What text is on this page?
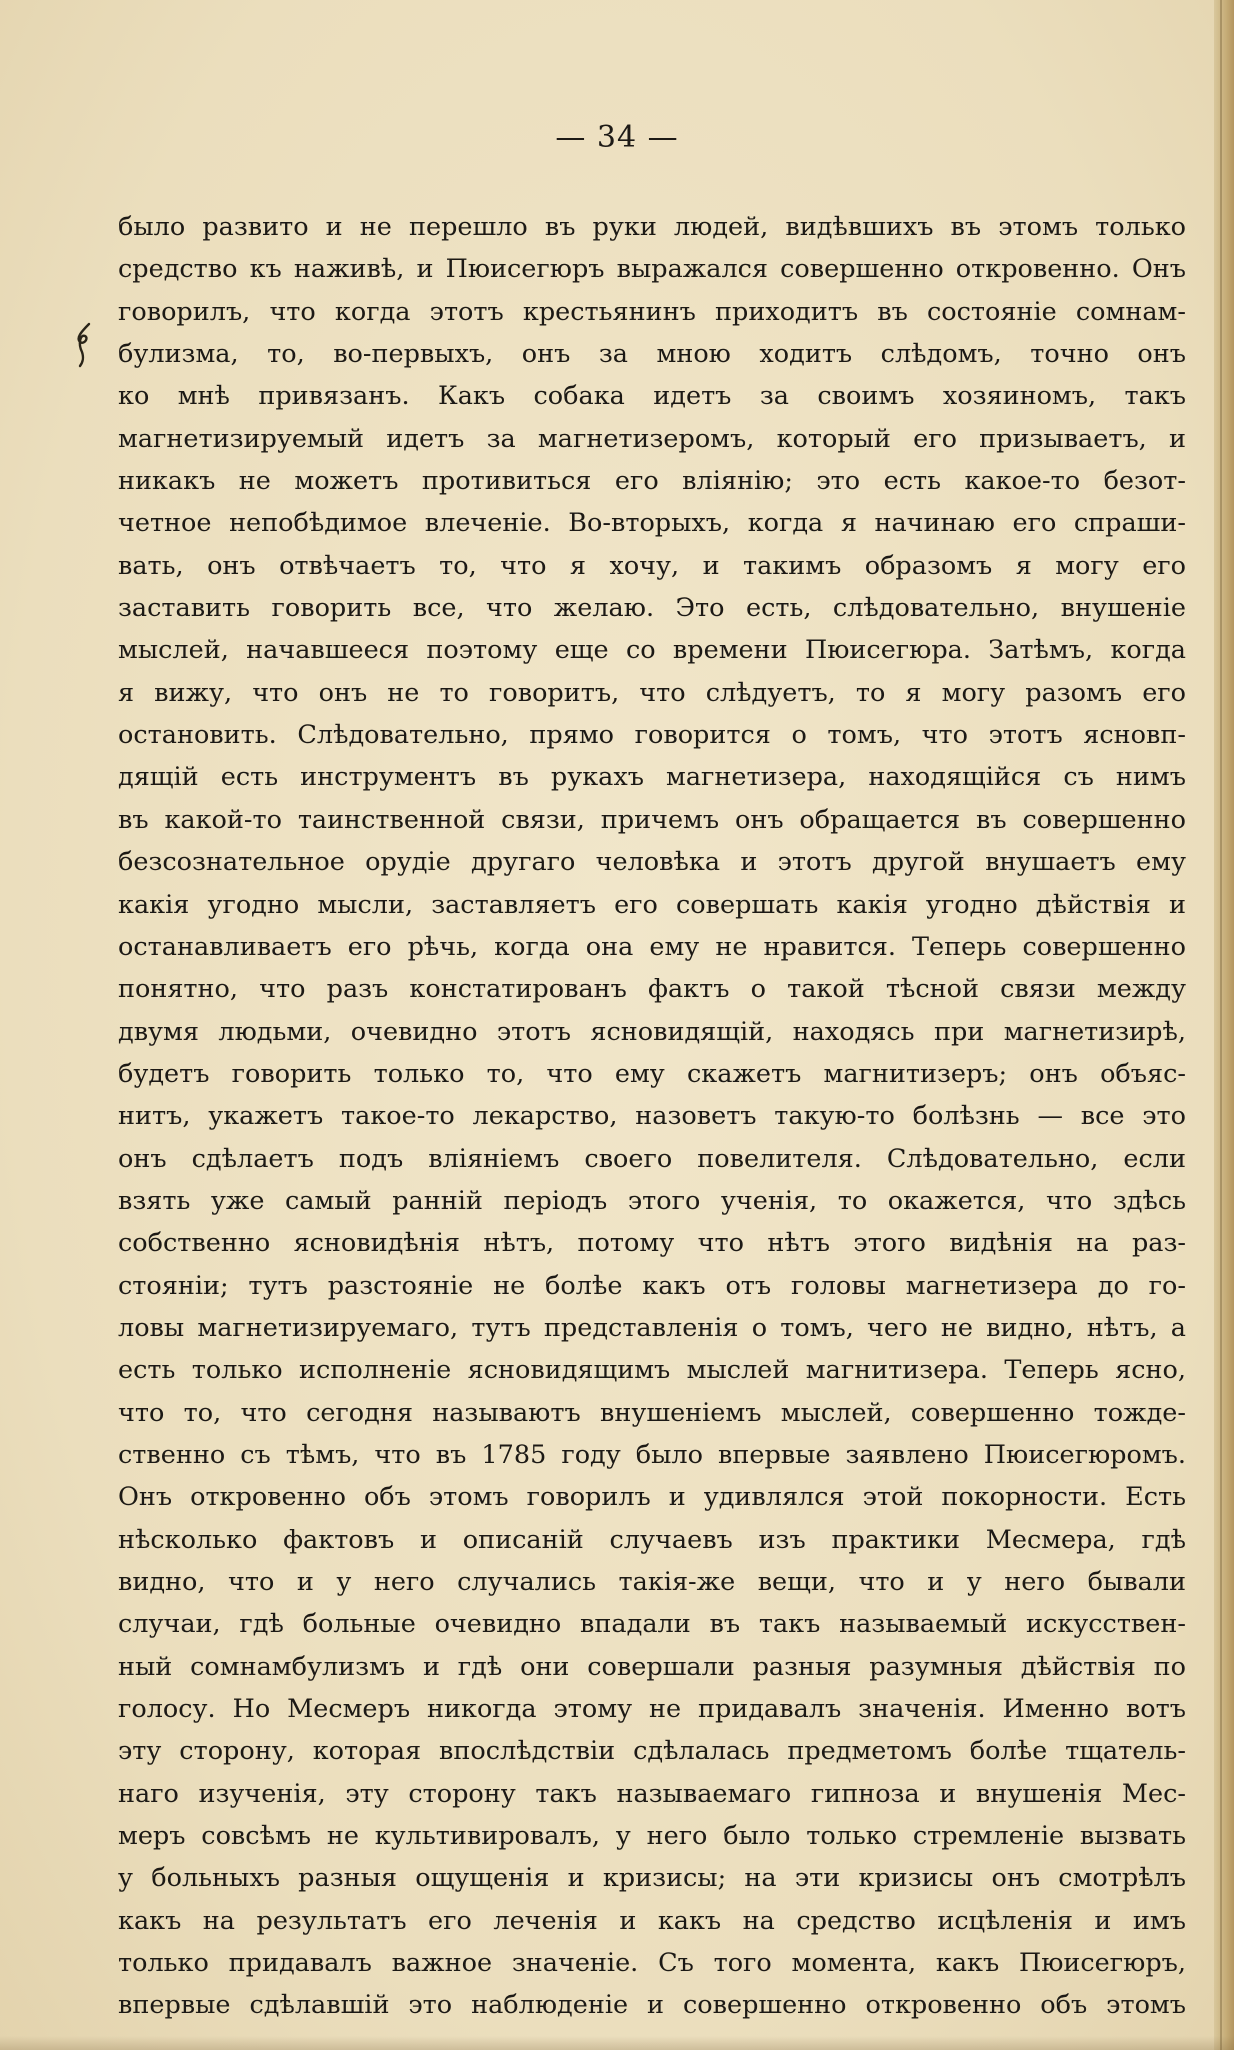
— 34 —
было развито и не перешло въ руки людей, видѣвшихъ въ этомъ только
средство къ наживѣ, и Пюисегюръ выражался совершенно откровенно. Онъ
говорилъ, что когда этотъ крестьянинъ приходитъ въ состоянiе сомнам-
булизма, то, во-первыхъ, онъ за мною ходитъ слѣдомъ, точно онъ
ко мнѣ привязанъ. Какъ собака идетъ за своимъ хозяиномъ, такъ
магнетизируемый идетъ за магнетизеромъ, который его призываетъ, и
никакъ не можетъ противиться его влiянiю; это есть какое-то безот-
четное непобѣдимое влеченiе. Во-вторыхъ, когда я начинаю его спраши-
вать, онъ отвѣчаетъ то, что я хочу, и такимъ образомъ я могу его
заставить говорить все, что желаю. Это есть, слѣдовательно, внушенiе
мыслей, начавшееся поэтому еще со времени Пюисегюра. Затѣмъ, когда
я вижу, что онъ не то говоритъ, что слѣдуетъ, то я могу разомъ его
остановить. Слѣдовательно, прямо говорится о томъ, что этотъ ясновп-
дящiй есть инструментъ въ рукахъ магнетизера, находящiйся съ нимъ
въ какой-то таинственной связи, причемъ онъ обращается въ совершенно
безсознательное орудiе другаго человѣка и этотъ другой внушаетъ ему
какiя угодно мысли, заставляетъ его совершать какiя угодно дѣйствiя и
останавливаетъ его рѣчь, когда она ему не нравится. Теперь совершенно
понятно, что разъ констатированъ фактъ о такой тѣсной связи между
двумя людьми, очевидно этотъ ясновидящiй, находясь при магнетизирѣ,
будетъ говорить только то, что ему скажетъ магнитизеръ; онъ объяс-
нитъ, укажетъ такое-то лекарство, назоветъ такую-то болѣзнь — все это
онъ сдѣлаетъ подъ влiянiемъ своего повелителя. Слѣдовательно, если
взять уже самый раннiй перiодъ этого ученiя, то окажется, что здѣсь
собственно ясновидѣнiя нѣтъ, потому что нѣтъ этого видѣнiя на раз-
стоянiи; тутъ разстоянiе не болѣе какъ отъ головы магнетизера до го-
ловы магнетизируемаго, тутъ представленiя о томъ, чего не видно, нѣтъ, а
есть только исполненiе ясновидящимъ мыслей магнитизера. Теперь ясно,
что то, что сегодня называютъ внушенiемъ мыслей, совершенно тожде-
ственно съ тѣмъ, что въ 1785 году было впервые заявлено Пюисегюромъ.
Онъ откровенно объ этомъ говорилъ и удивлялся этой покорности. Есть
нѣсколько фактовъ и описанiй случаевъ изъ практики Месмера, гдѣ
видно, что и у него случались такiя-же вещи, что и у него бывали
случаи, гдѣ больные очевидно впадали въ такъ называемый искусствен-
ный сомнамбулизмъ и гдѣ они совершали разныя разумныя дѣйствiя по
голосу. Но Месмеръ никогда этому не придавалъ значенiя. Именно вотъ
эту сторону, которая впослѣдствiи сдѣлалась предметомъ болѣе тщатель-
наго изученiя, эту сторону такъ называемаго гипноза и внушенiя Мес-
меръ совсѣмъ не культивировалъ, у него было только стремленiе вызвать
у больныхъ разныя ощущенiя и кризисы; на эти кризисы онъ смотрѣлъ
какъ на результатъ его леченiя и какъ на средство исцѣленiя и имъ
только придавалъ важное значенiе. Съ того момента, какъ Пюисегюръ,
впервые сдѣлавшiй это наблюденiе и совершенно откровенно объ этомъ
